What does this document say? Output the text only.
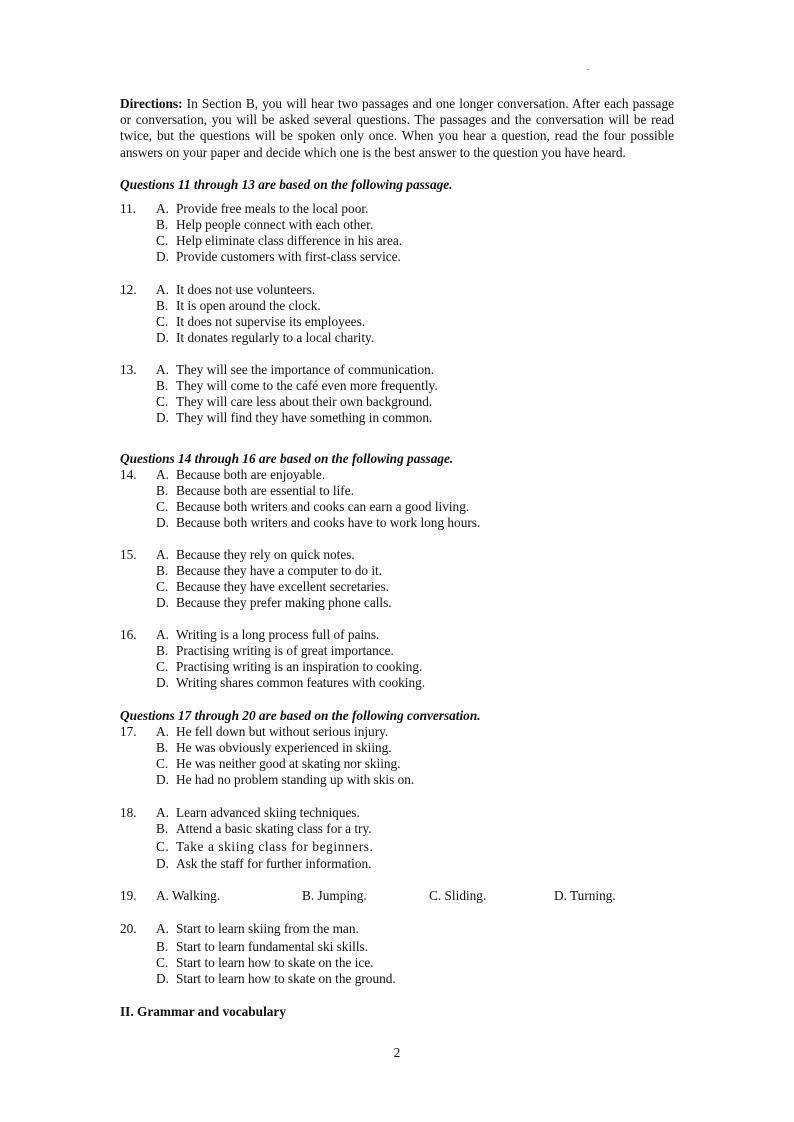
.

Directions: In Section B, you will hear two passages and one longer conversation. After each passage or conversation, you will be asked several questions. The passages and the conversation will be read twice, but the questions will be spoken only once. When you hear a question, read the four possible answers on your paper and decide which one is the best answer to the question you have heard.

Questions 11 through 13 are based on the following passage.

11. A. Provide free meals to the local poor.
B. Help people connect with each other.
C. Help eliminate class difference in his area.
D. Provide customers with first-class service.
12. A. It does not use volunteers.
B. It is open around the clock.
C. It does not supervise its employees.
D. It donates regularly to a local charity.
13. A. They will see the importance of communication.
B. They will come to the café even more frequently.
C. They will care less about their own background.
D. They will find they have something in common.

Questions 14 through 16 are based on the following passage.

14. A. Because both are enjoyable.
B. Because both are essential to life.
C. Because both writers and cooks can earn a good living.
D. Because both writers and cooks have to work long hours.
15. A. Because they rely on quick notes.
B. Because they have a computer to do it.
C. Because they have excellent secretaries.
D. Because they prefer making phone calls.
16. A. Writing is a long process full of pains.
B. Practising writing is of great importance.
C. Practising writing is an inspiration to cooking.
D. Writing shares common features with cooking.

Questions 17 through 20 are based on the following conversation.

17. A. He fell down but without serious injury.
B. He was obviously experienced in skiing.
C. He was neither good at skating nor skiing.
D. He had no problem standing up with skis on.
18. A. Learn advanced skiing techniques.
B. Attend a basic skating class for a try.
C. Take a skiing class for beginners.
D. Ask the staff for further information.
19. A. Walking.	B. Jumping.	C. Sliding.	D. Turning.
20. A. Start to learn skiing from the man.
B. Start to learn fundamental ski skills.
C. Start to learn how to skate on the ice.
D. Start to learn how to skate on the ground.

II. Grammar and vocabulary

2
